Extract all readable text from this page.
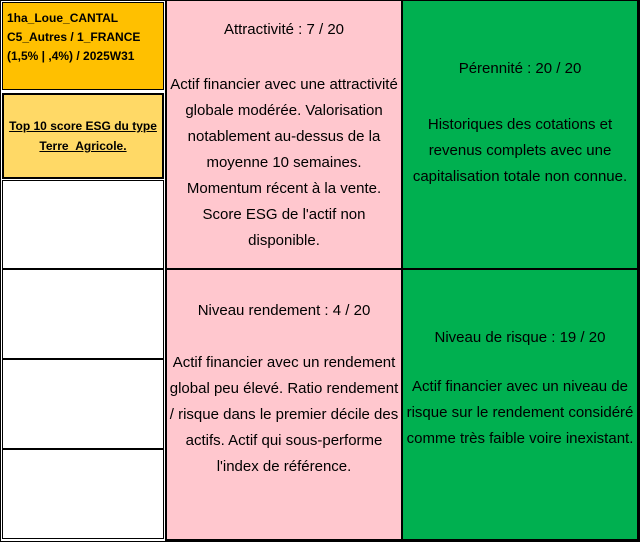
1ha_Loue_CANTAL
C5_Autres / 1_FRANCE
(1,5% | ,4%) / 2025W31
Top 10 score ESG du type Terre_Agricole.
Attractivité : 7 / 20
Actif financier avec une attractivité globale modérée. Valorisation notablement au-dessus de la moyenne 10 semaines. Momentum récent à la vente. Score ESG de l'actif non disponible.
Pérennité : 20 / 20
Historiques des cotations et revenus complets avec une capitalisation totale non connue.
Niveau rendement : 4 / 20
Actif financier avec un rendement global peu élevé. Ratio rendement / risque dans le premier décile des actifs. Actif qui sous-performe l'index de référence.
Niveau de risque : 19 / 20
Actif financier avec un niveau de risque sur le rendement considéré comme très faible voire inexistant.
